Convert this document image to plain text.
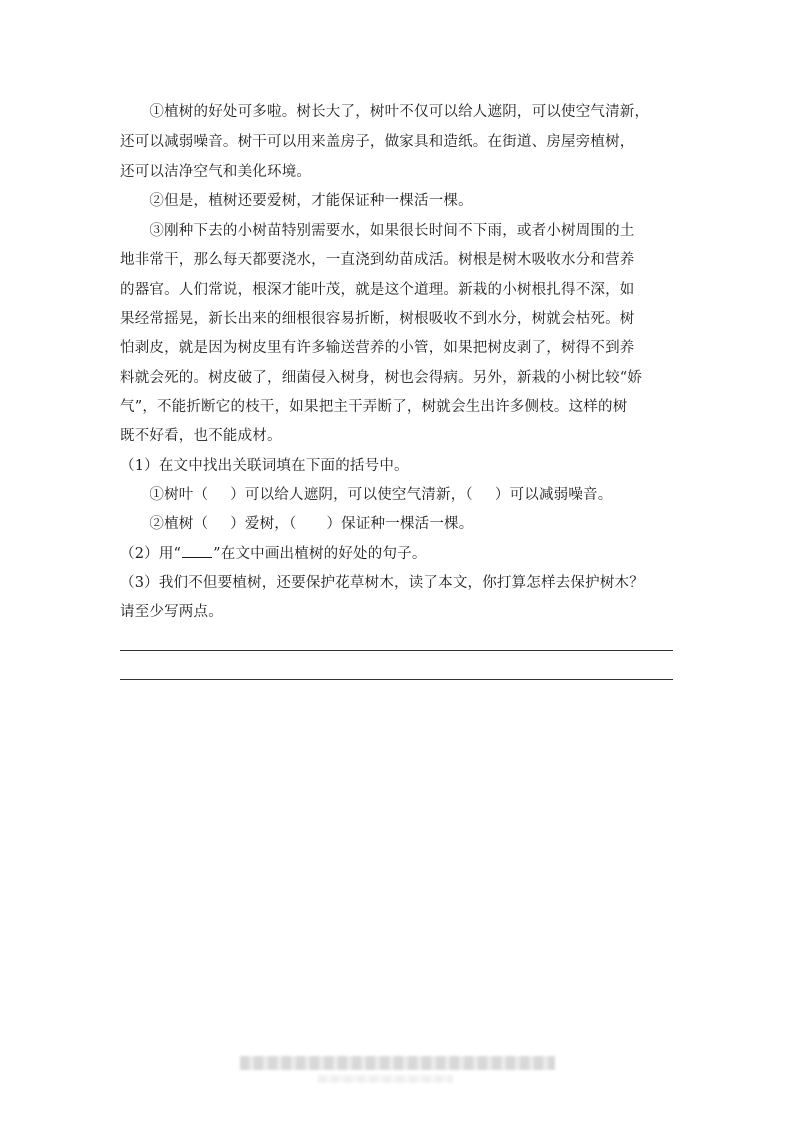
　　①植树的好处可多啦。树长大了，树叶不仅可以给人遮阴，可以使空气清新，
还可以减弱噪音。树干可以用来盖房子，做家具和造纸。在街道、房屋旁植树，
还可以洁净空气和美化环境。
　　②但是，植树还要爱树，才能保证种一棵活一棵。
　　③刚种下去的小树苗特别需要水，如果很长时间不下雨，或者小树周围的土
地非常干，那么每天都要浇水，一直浇到幼苗成活。树根是树木吸收水分和营养
的器官。人们常说，根深才能叶茂，就是这个道理。新栽的小树根扎得不深，如
果经常摇晃，新长出来的细根很容易折断，树根吸收不到水分，树就会枯死。树
怕剥皮，就是因为树皮里有许多输送营养的小管，如果把树皮剥了，树得不到养
料就会死的。树皮破了，细菌侵入树身，树也会得病。另外，新栽的小树比较“娇
气”，不能折断它的枝干，如果把主干弄断了，树就会生出许多侧枝。这样的树
既不好看，也不能成材。
（1）在文中找出关联词填在下面的括号中。
　　①树叶（ ）可以给人遮阴，可以使空气清新，（ ）可以减弱噪音。
　　②植树（ ）爱树，（ ）保证种一棵活一棵。
（2）用“ ”在文中画出植树的好处的句子。
（3）我们不但要植树，还要保护花草树木，读了本文，你打算怎样去保护树木？
请至少写两点。
